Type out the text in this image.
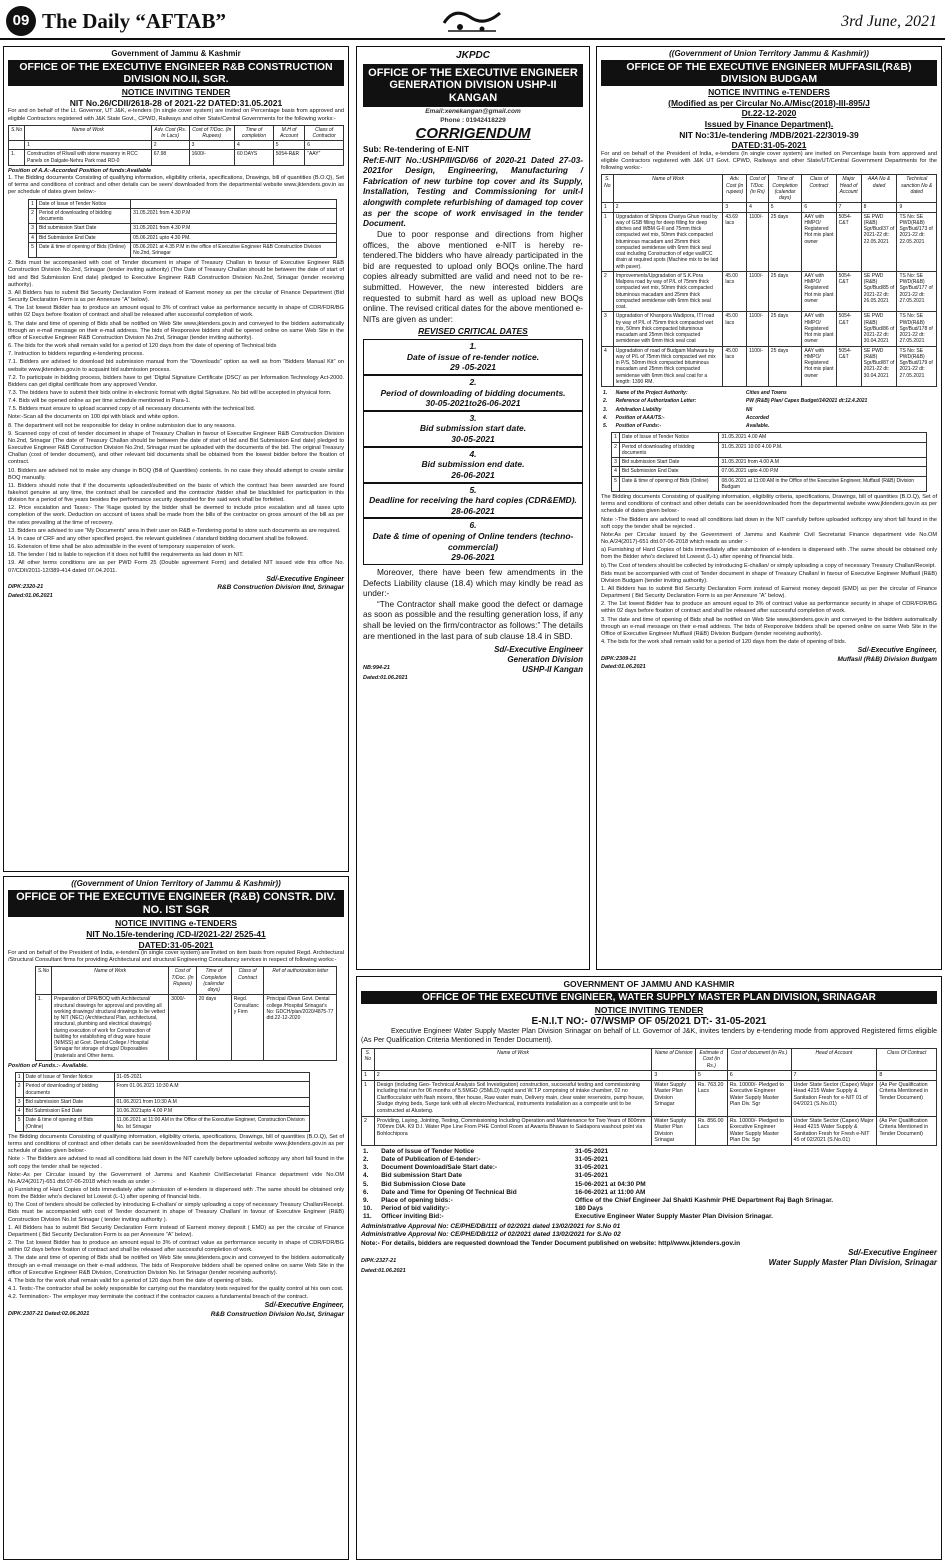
09 The Daily “AFTAB”	3rd June, 2021
Government of Jammu & Kashmir
OFFICE OF THE EXECUTIVE ENGINEER R&B CONSTRUCTION DIVISION NO.II, SGR.
NOTICE INVITING TENDER
NIT No.26/CDII/2618-28 of 2021-22 DATED:31.05.2021
For and on behalf of the Lt. Governor, UT J&K, e-tenders (In single cover system) are invited on Percentage basis from approved and eligible Contractors registered with J&K State Govt., CPWD, Railways and other State/Central Governments for the following works:-
S.No	Name of Work	Adv. Cost (Rs. In Lacs)	Cost of T/Doc. (In Rupees)	Time of completion	M.H of Account	Class of Contractor
	1	2	3	4	5	6
1.	Construction of R/wall with stone masonry in RCC Panels on Dalgate-Nehru Park road RD-0	67.98	1600/-	60 DAYS	5054-R&R	“AAY”
Position of A.A:-Accorded Position of funds:Available
1. The Bidding documents Consisting of qualifying information, eligibility criteria, specifications, Drawings, bill of quantities (B.O.Q), Set of terms and conditions of contract and other details can be seen/ downloaded from the departmental website www.jktenders.gov.in as per schedule of dates given below:-
1	Date of Issue of Tender Notice	
2	Period of downloading of bidding documents	31.05.2021 from 4.30 P.M
3	Bid submission Start Date	31.05.2021 from 4.30 P.M
4	Bid Submission End Date	05.06.2021 upto 4.30 PM.
5	Date & time of opening of Bids (Online)	05.06.2021 at 4.35 P.M in the office of Executive Engineer R&B Construction Division No.2nd, Srinagar

2. Bids must be accompanied with cost of Tender document in shape of Treasury Challan in favour of Executive Engineer R&B Construction Division No.2nd, Srinagar (tender inviting authority) (The Date of Treasury Challan should be between the date of start of bid and Bid Submission End date) pledged to Executive Engineer R&B Construction Division No.2nd, Srinagar (tender receiving authority).

3. All Bidders has to submit Bid Security Declaration Form instead of Earnest money as per the circular of Finance Department (Bid Security Declaration Form is as per Annexure “A” below).

4. The 1st lowest Bidder has to produce an amount equal to 3% of contract value as performance security in shape of CDR/FDR/BG within 02 Days before fixation of contract and shall be released after successful completion of work.

5. The date and time of opening of Bids shall be notified on Web Site www.jktenders.gov.in and conveyed to the bidders automatically through an e-mail message on their e-mail address. The bids of Responsive bidders shall be opened online on same Web Site in the office of Executive Engineer R&B Construction Division No.2nd, Srinagar (tender inviting authority).

6. The bids for the work shall remain valid for a period of 120 days from the date of opening of Technical bids

7. Instruction to bidders regarding e-tendering process.

7.1. Bidders are advised to download bid submission manual from the “Downloads” option as well as from “Bidders Manual Kit” on website www.jktenders.gov.in to acquaint bid submission process.

7.2. To participate in bidding process, bidders have to get ‘Digital Signature Certificate (DSC)’ as per Information Technology Act-2000. Bidders can get digital certificate from any approved Vendor.

7.3. The bidders have to submit their bids online in electronic format with digital Signature. No bid will be accepted in physical form.

7.4. Bids will be opened online as per time schedule mentioned in Para-1.

7.5. Bidders must ensure to upload scanned copy of all necessary documents with the technical bid.

Note:-Scan all the documents on 100 dpi with black and white option.

8. The department will not be responsible for delay in online submission due to any reasons.

9. Scanned copy of cost of tender document in shape of Treasury Challan in favour of Executive Engineer R&B Construction Division No.2nd, Srinagar (The date of Treasury Challan should be between the date of start of bid and Bid Submission End date) pledged to Executive Engineer R&B Construction Division No.2nd, Srinagar must be uploaded with the documents of the bid. The original Treasury Challan (cost of tender document), and other relevant bid documents shall be obtained from the lowest bidder before the fixation of contract.

10. Bidders are advised not to make any change in BOQ (Bill of Quantities) contents. In no case they should attempt to create similar BOQ manually.

11. Bidders should note that if the documents uploaded/submitted on the basis of which the contract has been awarded are found fake/not genuine at any time, the contract shall be cancelled and the contractor /bidder shall be blacklisted for participation in this division for a period of five years besides the performance security deposited for the said work shall be forfeited.

12. Price escalation and Taxes:- The %age quoted by the bidder shall be deemed to include price escalation and all taxes upto completion of the work. Deduction on account of taxes shall be made from the bills of the contractor on gross amount of the bill as per the rates prevailing at the time of recovery.

13. Bidders are advised to use “My Documents” area in their user on R&B e-Tendering portal to store such documents as are required.

14. In case of CRF and any other specified project. the relevant guidelines / standard bidding document shall be followed.

16. Extension of time shall be also admissible in the event of temporary suspension of work.

18. The tender / bid is liable to rejection if it does not fulfill the requirements as laid down in NIT.

19. All other terms conditions are as per PWD Form 25 (Double agreement Form) and detailed NIT issued vide this office No. 07/CDII/2011-12/389-414 dated 07.04.2011.

Sd/-Executive Engineer
DIPK:2320-21	R&B Construction Division IInd, Srinagar
Dated:01.06.2021
((Government of Union Territory of Jammu & Kashmir))
OFFICE OF THE EXECUTIVE ENGINEER (R&B) CONSTR. DIV. NO. IST SGR
NOTICE INVITING e-TENDERS
NIT No.15/e-tendering /CD-I/2021-22/ 2525-41
DATED:31-05-2021
For and on behalf of the President of India, e-tenders (in single cover system) are invited on item basis from reputed Regd. Architectural /Structural Consultant firms for providing Architectural and structural Engineering Consultancy services in respect of following works:-
S.No	Name of Work	Cost of T/Doc. (In Rupees)	Time of Completion (calendar days)	Class of Contract	Ref of authorization letter
1.	Preparation of DPR/BOQ with Architectural/ structural drawings for approval and providing all working drawings/ structural drawings to be vetted by NIT (NEC) (Architectural Plan, architectural, structural, plumbing and electrical drawings) during execution of work for Construction of building for establishing of drug ware house (NIMSS) at Govt. Dental College / Hospital Srinagar for storage of drugs/ Disposables (materials and Other items.	3000/-	20 days	Regd. Consultanc y Firm	Principal /Dean Govt. Dental college /Hospital Srinagar's No: GDCH/plan/2020/4875-77 dtd.22-12-2020
Position of Funds.:- Available.
1	Date of Issue of Tender Notice	31-05-2021
2	Period of downloading of bidding documents	From 01.06.2021 10:30 A.M
3	Bid submission Start Date	01.06.2021 from 10:30 A.M
4	Bid Submission End Date	10.06.2021upto 4.00 P.M
5	Date & time of opening of Bids (Online)	11.06.2021 at 11:00 AM in the Office of the Executive Engineer, Construction Division No. Ist Srinagar

The Bidding documents Consisting of qualifying information, eligibility criteria, specifications, Drawings, bill of quantities (B.O.Q), Set of terms and conditions of contract and other details can be seen/downloaded from the departmental website www.jktenders.gov.in as per schedule of dates given below:-

Note :- The Bidders are advised to read all conditions laid down in the NIT carefully before uploaded softcopy any short fall found in the soft copy the tender shall be rejected .

Note:-As per Circular issued by the Government of Jammu and Kashmir CivilSecretariat Finance department vide No.OM No.A/24(2017)-651 dtd.07-06-2018 which reads as under :-

a) Furnishing of Hard Copies of bids immediately after submission of e-tenders is dispensed with .The same should be obtained only from the Bidder who's declared Ist Lowest (L-1) after opening of financial bids.

b) The Cost of tenders should be collected by introducing E-challan/ or simply uploading a copy of necessary Treasury Challan/Receipt. Bids must be accompanied with cost of Tender document in shape of Treasury Challan/ in favour of Executive Engineer (R&B) Construction Division No.Ist Srinagar ( tender inviting authority ).

1. All Bidders has to submit Bid Security Declaration Form instead of Earnest money deposit ( EMD) as per the circular of Finance Department ( Bid Security Declaration Form is as per Annexure “A” below).

2. The 1st lowest Bidder has to produce an amount equal to 3% of contract value as performance security in shape of CDR/FDR/BG within 02 days before fixation of contract and shall be released after successful completion of work.

3. The date and time of opening of Bids shall be notified on Web Site www.jktenders.gov.in and conveyed to the bidders automatically through an e-mail message on their e-mail address. The bids of Responsive bidders shall be opened online on same Web Site in the office of Executive Engineer R&B Division, Construction Division No. Ist Srinagar (tender receiving authority).

4. The bids for the work shall remain valid for a period of 120 days from the date of opening of bids.

4.1. Tests:-The contractor shall be solely responsible for carrying out the mandatory tests required for the quality control at his own cost.

4.2. Termination:- The employer may terminate the contract if the contractor causes a fundamental breach of the contract.

Sd/-Executive Engineer,
DIPK:2307-21 Dated:02.06.2021	R&B Construction Division No.Ist, Srinagar
JKPDC
OFFICE OF THE EXECUTIVE ENGINEER GENERATION DIVISION USHP-II KANGAN
Email:xenekangan@gmail.com
Phone : 01942418229
CORRIGENDUM
Sub: Re-tendering of E-NIT
Ref:E-NIT No.:USHP/II/GD/66 of 2020-21 Dated 27-03-2021for Design, Engineering, Manufacturing / Fabrication of new turbine top cover and its Supply, Installation, Testing and Commissioning for unit-I alongwith complete refurbishing of damaged top cover as per the scope of work envisaged in the tender Document.
Due to poor response and directions from higher offices, the above mentioned e-NIT is hereby re-tendered.The bidders who have already participated in the bid are requested to upload only BOQs online.The hard copies already submitted are valid and need not to be re-submitted. However, the new interested bidders are requested to submit hard as well as upload new BOQs online. The revised critical dates for the above mentioned e-NITs are given as under:
REVISED CRITICAL DATES
1.
Date of issue of re-tender notice.
29 -05-2021
2.
Period of downloading of bidding documents.
30-05-2021to26-06-2021
3.
Bid submission start date.
30-05-2021
4.
Bid submission end date.
26-06-2021
5.
Deadline for receiving the hard copies (CDR&EMD).
28-06-2021
6.
Date & time of opening of Online tenders (techno- commercial)
29-06-2021
Moreover, there have been few amendments in the Defects Liability clause (18.4) which may kindly be read as under:-
“The Contractor shall make good the defect or damage as soon as possible and the resulting generation loss, if any shall be levied on the firm/contractor as follows:” The details are mentioned in the last para of sub clause 18.4 in SBD.
Sd/-Executive Engineer
Generation Division
NB:994-21	USHP-II Kangan
Dated:01.06.2021
((Government of Union Territory Jammu & Kashmir))
OFFICE OF THE EXECUTIVE ENGINEER MUFFASIL(R&B) DIVISION BUDGAM
NOTICE INVITING e-TENDERS
(Modified as per Circular No.A/Misc(2018)-III-895/J
Dt.22-12-2020
Issued by Finance Department).
NIT No:31/e-tendering /MDB/2021-22/3019-39
DATED:31-05-2021
For and on behalf of the President of India, e-tenders (In single cover system) are invited on Percentage basis from approved and eligible Contractors registered with J&K UT Govt. CPWD, Railways and other State/UT/Central Government Departments for the following works:-
S. No	Name of Work	Adv. Cost (in rupees)	Cost of T/Doc. (in Rs)	Time of Completion (calendar days)	Class of Contract	Major Head of Account	AAA No & dated	Technical sanction No & dated
1	2	3	4	5	6	7	8	9
1	Upgradation of Shipora Chariya Ghun road by way of GSB filling for deep filling for deep ditches and WBM G-II and 75mm thick compacted wet mix, 50mm thick compacted bituminous macadam and 25mm thick compacted semidense with 6mm thick seal coat including Construction of edge wall/CC drain at required spots (Machine mix to be laid with paver).	43.69 lacs	1100/-	25 days	AAY with HMPO/ Registered Hot mix plant owner	5054- C&T	SE PWD (R&B) Sgr/Bud/37 of 2021-22 dt: 22.05.2021	TS No: SE PWD(R&B) Sgr/Bud/173 of 2021-22 dt: 22.05.2021
2	Improvements/Upgradation of S.K.Pora Malpora road by way of P/L of 75mm thick compacted wet mix, 50mm thick compacted bituminous macadam and 25mm thick compacted semidense with 6mm thick seal coat.	45.00 lacs	1100/-	25 days	AAY with HMPO/ Registered Hot mix plant owner	5054- C&T	SE PWD (R&B) Sgr/Bud/85 of 2021-22 dt: 26.05.2021	TS No: SE PWD(R&B) Sgr/Bud/177 of 2021-22 dt: 27.05.2021
3	Upgradation of Khanpora Wadipora, ITI road by way of P/L of 75mm thick compacted wet mix, 50mm thick compacted bituminous macadam and 25mm thick compacted semidense with 6mm thick seal coat	45.00 lacs	1100/-	25 days	AAY with HMPO/ Registered Hot mix plant owner	5054- C&T	SE PWD (R&B) Sgr/Bud/86 of 2021-22 dt: 30.04.2021	TS No: SE PWD(R&B) Sgr/Bud/178 of 2021-22 dt: 27.05.2021
4	Upgradation of road of Budgam Mahwara by way of P/L of 75mm thick compacted wet mix in P/S, 50mm thick compacted bituminous macadam and 25mm thick compacted semidense with 6mm thick seal coat for a length: 1390 RM.	45.00 lacs	1100/-	25 days	AAY with HMPO/ Registered Hot mix plant owner	5054- C&T	SE PWD (R&B) Sgr/Bud/87 of 2021-22 dt: 30.04.2021	TS No: SE PWD(R&B) Sgr/Bud/179 of 2021-22 dt: 27.05.2021
1.	Name of the Project Authority:	Cities and Towns
2.	Reference of Authorization Letter:	PW (R&B) Plan/ Capex Budget/14/2021 dt:12.4.2021
3.	Arbitration Liability	Nil
4.	Position of AAA/TS:-	Accorded
5.	Position of Funds:-	Available.
1	Date of Issue of Tender Notice	31.05.2021 4.00 AM
2	Period of downloading of bidding documents	31.05.2021 10:00 4.00 P.M.
3	Bid submission Start Date	31.05.2021 from 4.00 A.M
4	Bid Submission End Date	07.06.2021 upto 4.00 P.M
5	Date & time of opening of Bids (Online)	08.06.2021 at 11:00 AM in the Office of the Executive Engineer, Muffasil (R&B) Division Budgam

The Bidding documents Consisting of qualifying information, eligibility criteria, specifications, Drawings, bill of quantities (B.O.Q), Set of terms and conditions of contract and other details can be seen/downloaded from the departmental website www.jktenders.gov.in as per schedule of dates given below:-

Note :-The Bidders are advised to read all conditions laid down in the NIT carefully before uploaded softcopy any short fall found in the soft copy the tender shall be rejected .

Note:As per Circular issued by the Government of Jammu and Kashmir Civil Secretariat Finance department vide No.OM No.A/24(2017)-651 dtd.07-06-2018 which reads as under :-

a) Furnishing of Hard Copies of bids immediately after submission of e-tenders is dispensed with .The same should be obtained only from the Bidder who's declared Ist Lowest (L-1) after opening of financial bids.

b).The Cost of tenders should be collected by introducing E-challan/ or simply uploading a copy of necessary Treasury Challan/Receipt.

Bids must be accompanied with cost of Tender document in shape of Treasury Challan/ in favour of Executive Engineer Muffasil (R&B) Division Budgam (tender inviting authority).

1. All Bidders has to submit Bid Security Declaration Form instead of Earnest money deposit (EMD) as per the circular of Finance Department ( Bid Security Declaration Form is as per Annexure “A” below).

2. The 1st lowest Bidder has to produce an amount equal to 3% of contract value as performance security in shape of CDR/FDR/BG within 02 days before fixation of contract and shall be released after successful completion of work.

3. The date and time of opening of Bids shall be notified on Web Site www.jktenders.gov.in and conveyed to the bidders automatically through an e-mail message on their e-mail address. The bids of Responsive bidders shall be opened online on same Web Site in the Office of Executive Engineer Muffasil (R&B) Division Budgam (tender receiving authority).

4. The bids for the work shall remain valid for a period of 120 days from the date of opening of bids.

Sd/-Executive Engineer,
DIPK:2309-21	Muffasil (R&B) Division Budgam
Dated:01.06.2021
GOVERNMENT OF JAMMU AND KASHMIR
OFFICE OF THE EXECUTIVE ENGINEER, WATER SUPPLY MASTER PLAN DIVISION, SRINAGAR
NOTICE INVITING TENDER
E-N.I.T NO:- 07/WSMP OF 05/2021 DT:- 31-05-2021
Executive Engineer Water Supply Master Plan Division Srinagar on behalf of Lt. Governor of J&K, invites tenders by e-tendering mode from approved Registered firms eligible (As Per Qualification Criteria Mentioned in Tender Document).
S. No	Name of Work	Name of Division	Estimate d Cost (in Rs.)	Cost of document (in Rs.)	Head of Account	Class Of Contract
1	2	3	5	6	7	8
1	Design (including Geo- Technical Analysis Soil Investigation) construction, successful testing and commissioning including trial run for 06 months of 5.5MGD (25MLD) rapid sand W.T.P comprising of intake chamber, 02 no Clariflocculator with flash mixers, filter house, Raw water main, Delivery main, clear water reservoirs, pump house, Sludge drying beds, Surge tank with all electro Mechanical, instruments installation as a composite unit to be constructed at Alusteng.	Water Supply Master Plan Division Srinagar	Rs. 763.20 Lacs	Rs. 10000/- Pledged to Executive Engineer Water Supply Master Plan Div. Sgr	Under State Sector (Capex) Major Head 4215 Water Supply & Sanitation Fresh for e-NIT 01 of 04/2021 (S.No.01)	(As Per Qualification Criteria Mentioned in Tender Document)
2	Providing, Laying, Jointing, Testing, Commissioning Including Operation and Maintenance for Two Years of 800mm 700mm DIA. K9 D.I. Water Pipe Line From PHE Control Room at Awanta Bhawan to Saidapora washout point via Bohlochipora	Water Supply Master Plan Division Srinagar	Rs. 856.00 Lacs	Rs. 10000/- Pledged to Executive Engineer Water Supply Master Plan Div. Sgr	Under State Sector (Capex) Major Head 4215 Water Supply & Sanitation Fresh for Fresh e-NIT 45 of 02/2021 (S.No.01)	(As Per Qualification Criteria Mentioned in Tender Document)
1.	Date of Issue of Tender Notice	31-05-2021
2.	Date of Publication of E-tender:-	31-05-2021
3.	Document Download/Sale Start date:-	31-05-2021
4.	Bid submission Start Date	31-05-2021
5.	Bid Submission Close Date	15-06-2021 at 04:30 PM
6.	Date and Time for Opening Of Technical Bid	16-06-2021 at 11:00 AM
9.	Place of opening bids:-	Office of the Chief Engineer Jal Shakti Kashmir PHE Department Raj Bagh Srinagar.
10.	Period of bid validity:-	180 Days
11.	Officer inviting Bid:-	Executive Engineer Water Supply Master Plan Division Srinagar.
Administrative Approval No: CE/PHE/DB/111 of 02/2021 dated 13/02/2021 for S.No 01
Administrative Approval No: CE/PHE/DB/112 of 02/2021 dated 13/02/2021 for S.No 02
Note:- For details, bidders are requested download the Tender Document published on website: http//www.jktenders.gov.in
Sd/-Executive Engineer
DIPK:2327-21	Water Supply Master Plan Division, Srinagar
Dated:01.06.2021
